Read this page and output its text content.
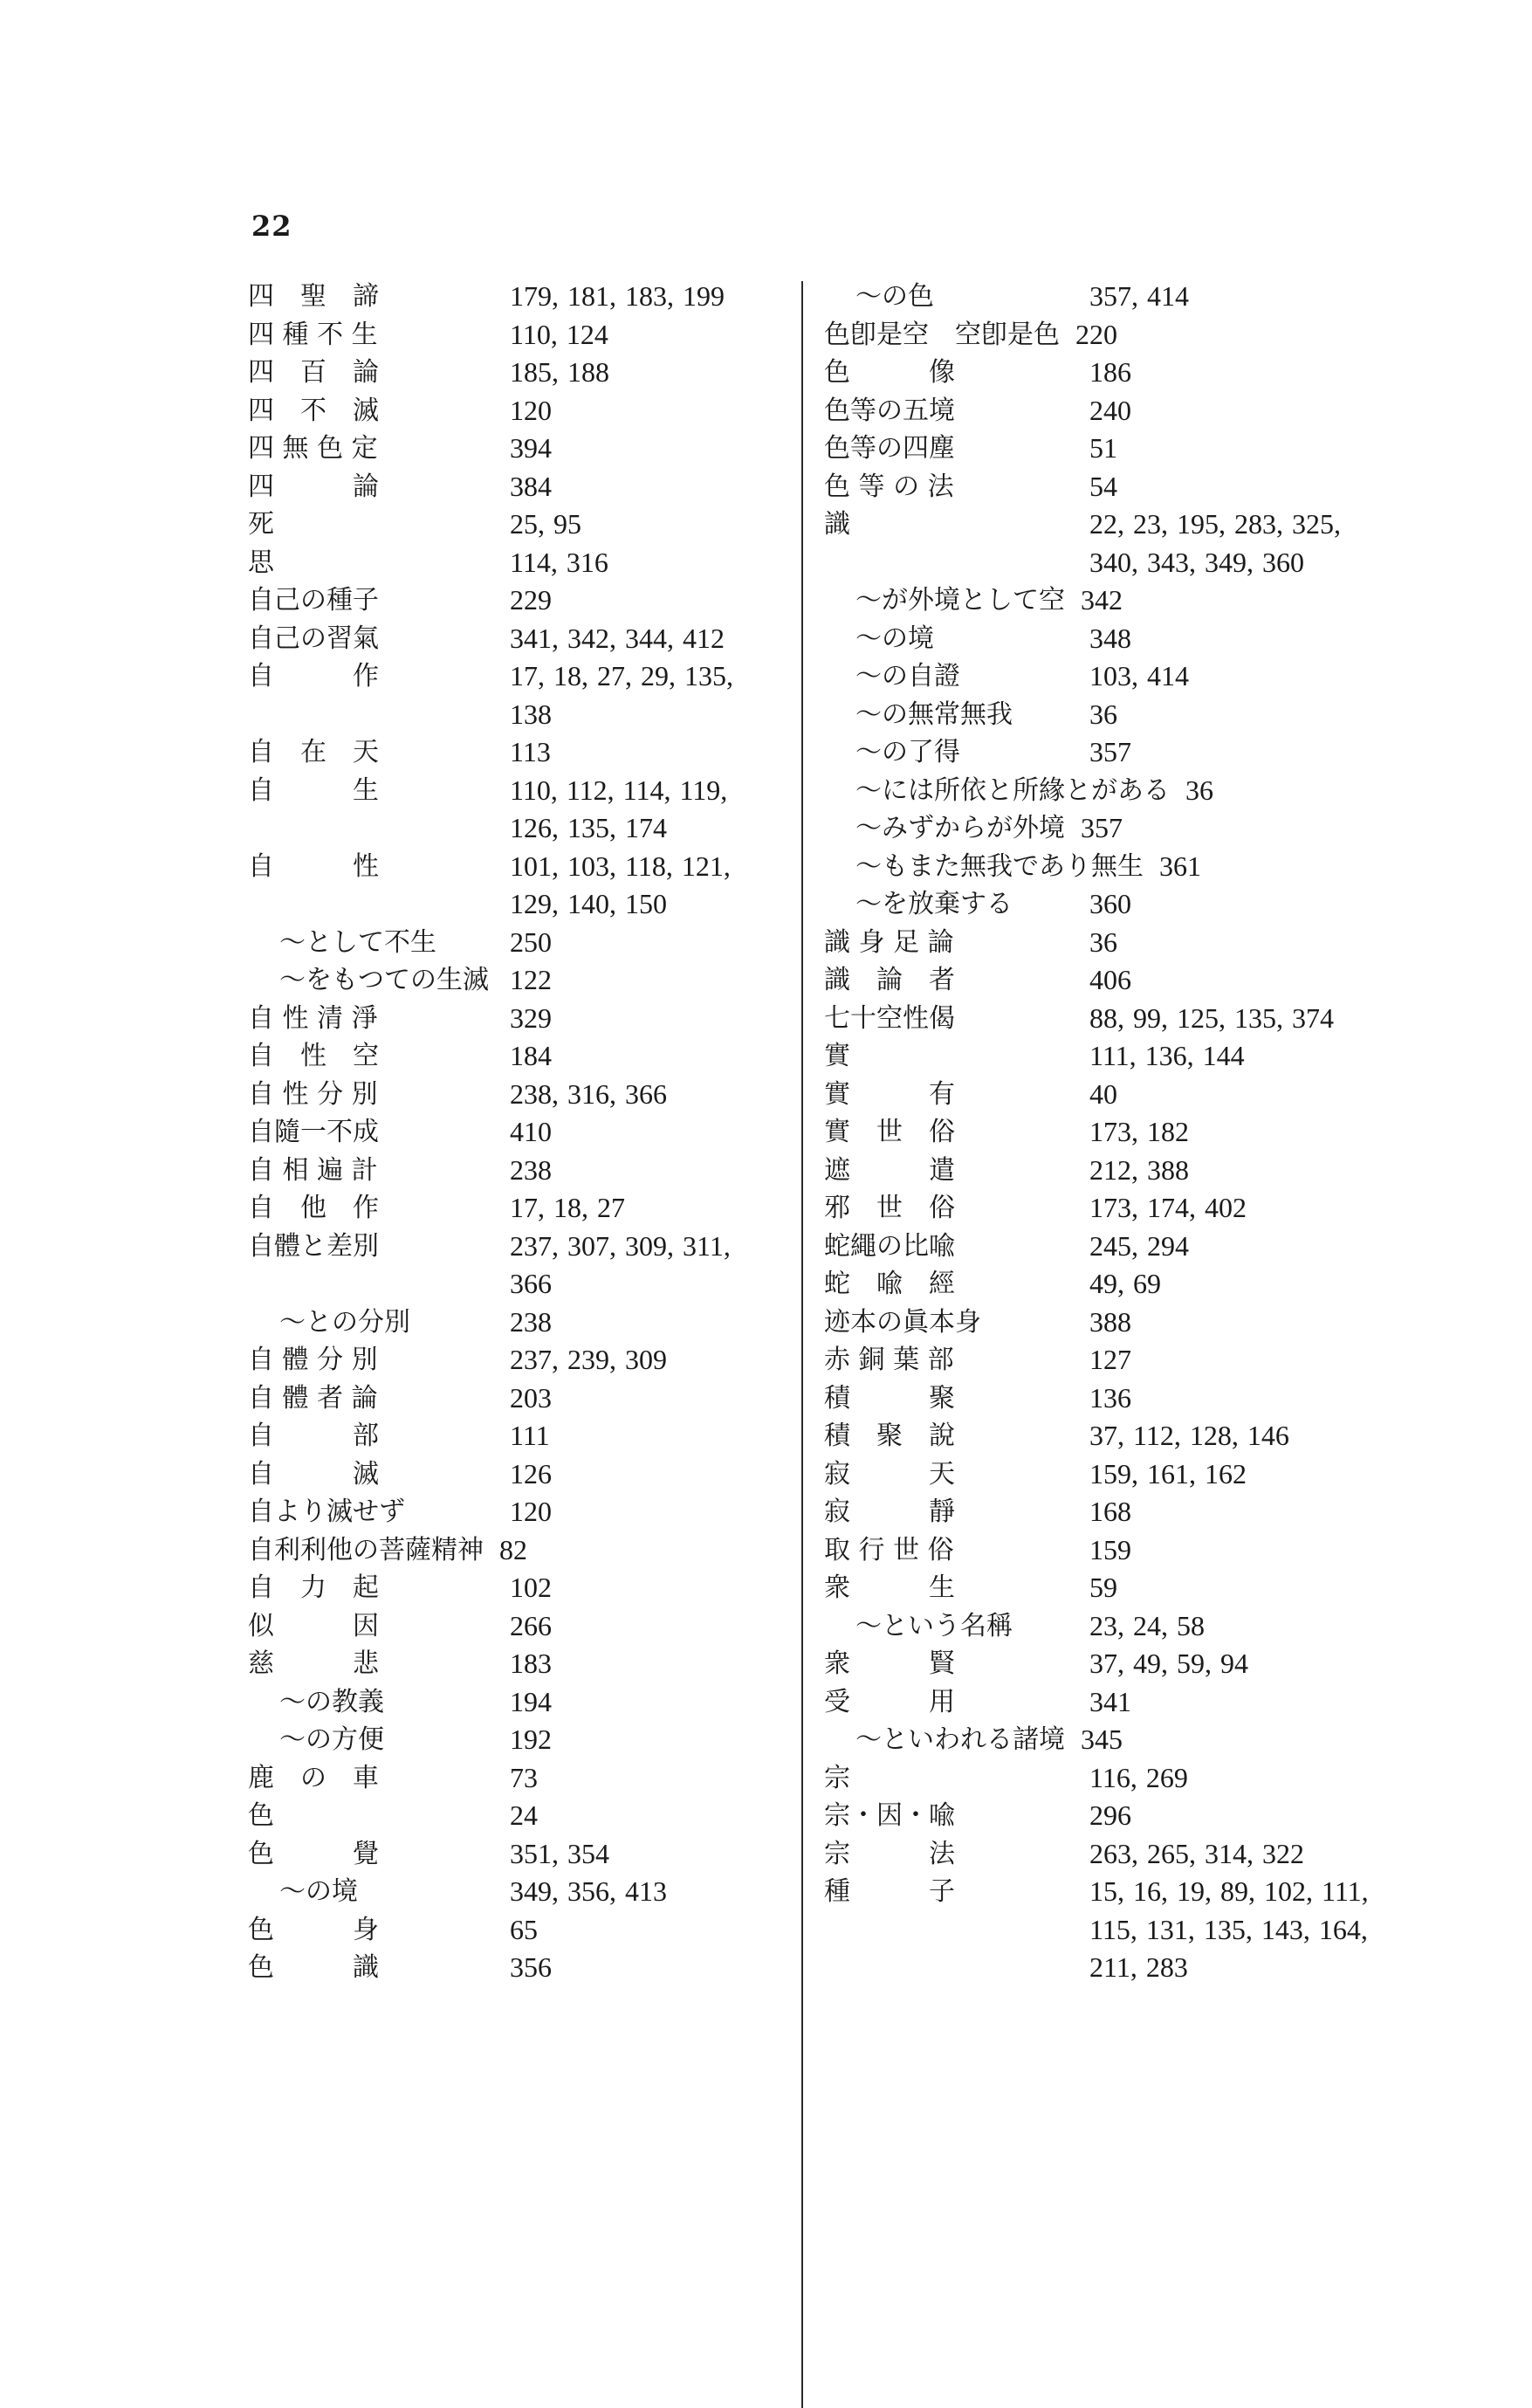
22
四　聖　諦	179, 181, 183, 199
四 種 不 生	110, 124
四　百　論	185, 188
四　不　滅	120
四 無 色 定	394
四　　　論	384
死	25, 95
思	114, 316
自己の種子	229
自己の習氣	341, 342, 344, 412
自　　　作	17, 18, 27, 29, 135, 138
自　在　天	113
自　　　生	110, 112, 114, 119, 126, 135, 174
自　　　性	101, 103, 118, 121, 129, 140, 150
～として不生	250
～をもつての生滅 122
自 性 清 淨	329
自　性　空	184
自 性 分 別	238, 316, 366
自隨一不成	410
自 相 遍 計	238
自　他　作	17, 18, 27
自體と差別	237, 307, 309, 311, 366
～との分別	238
自 體 分 別	237, 239, 309
自 體 者 論	203
自　　　部	111
自　　　滅	126
自より滅せず	120
自利利他の菩薩精神 82
自　力　起	102
似　　　因	266
慈　　　悲	183
～の教義	194
～の方便	192
鹿　の　車	73
色	24
色　　　覺	351, 354
～の境	349, 356, 413
色　　　身	65
色　　　識	356
～の色	357, 414
色卽是空　空卽是色 220
色　　　像	186
色等の五境	240
色等の四塵	51
色 等 の 法	54
識	22, 23, 195, 283, 325, 340, 343, 349, 360
～が外境として空 342
～の境	348
～の自證	103, 414
～の無常無我	36
～の了得	357
～には所依と所緣とがある 36
～みずからが外境 357
～もまた無我であり無生 361
～を放棄する	360
識 身 足 論	36
識　論　者	406
七十空性偈	88, 99, 125, 135, 374
實	111, 136, 144
實　　　有	40
實　世　俗	173, 182
遮　　　遣	212, 388
邪　世　俗	173, 174, 402
蛇繩の比喩	245, 294
蛇　喩　經	49, 69
迹本の眞本身	388
赤 銅 葉 部	127
積　　　聚	136
積　聚　說	37, 112, 128, 146
寂　　　天	159, 161, 162
寂　　　靜	168
取 行 世 俗	159
衆　　　生	59
～という名稱	23, 24, 58
衆　　　賢	37, 49, 59, 94
受　　　用	341
～といわれる諸境 345
宗	116, 269
宗・因・喩	296
宗　　　法	263, 265, 314, 322
種　　　子	15, 16, 19, 89, 102, 111, 115, 131, 135, 143, 164, 211, 283
